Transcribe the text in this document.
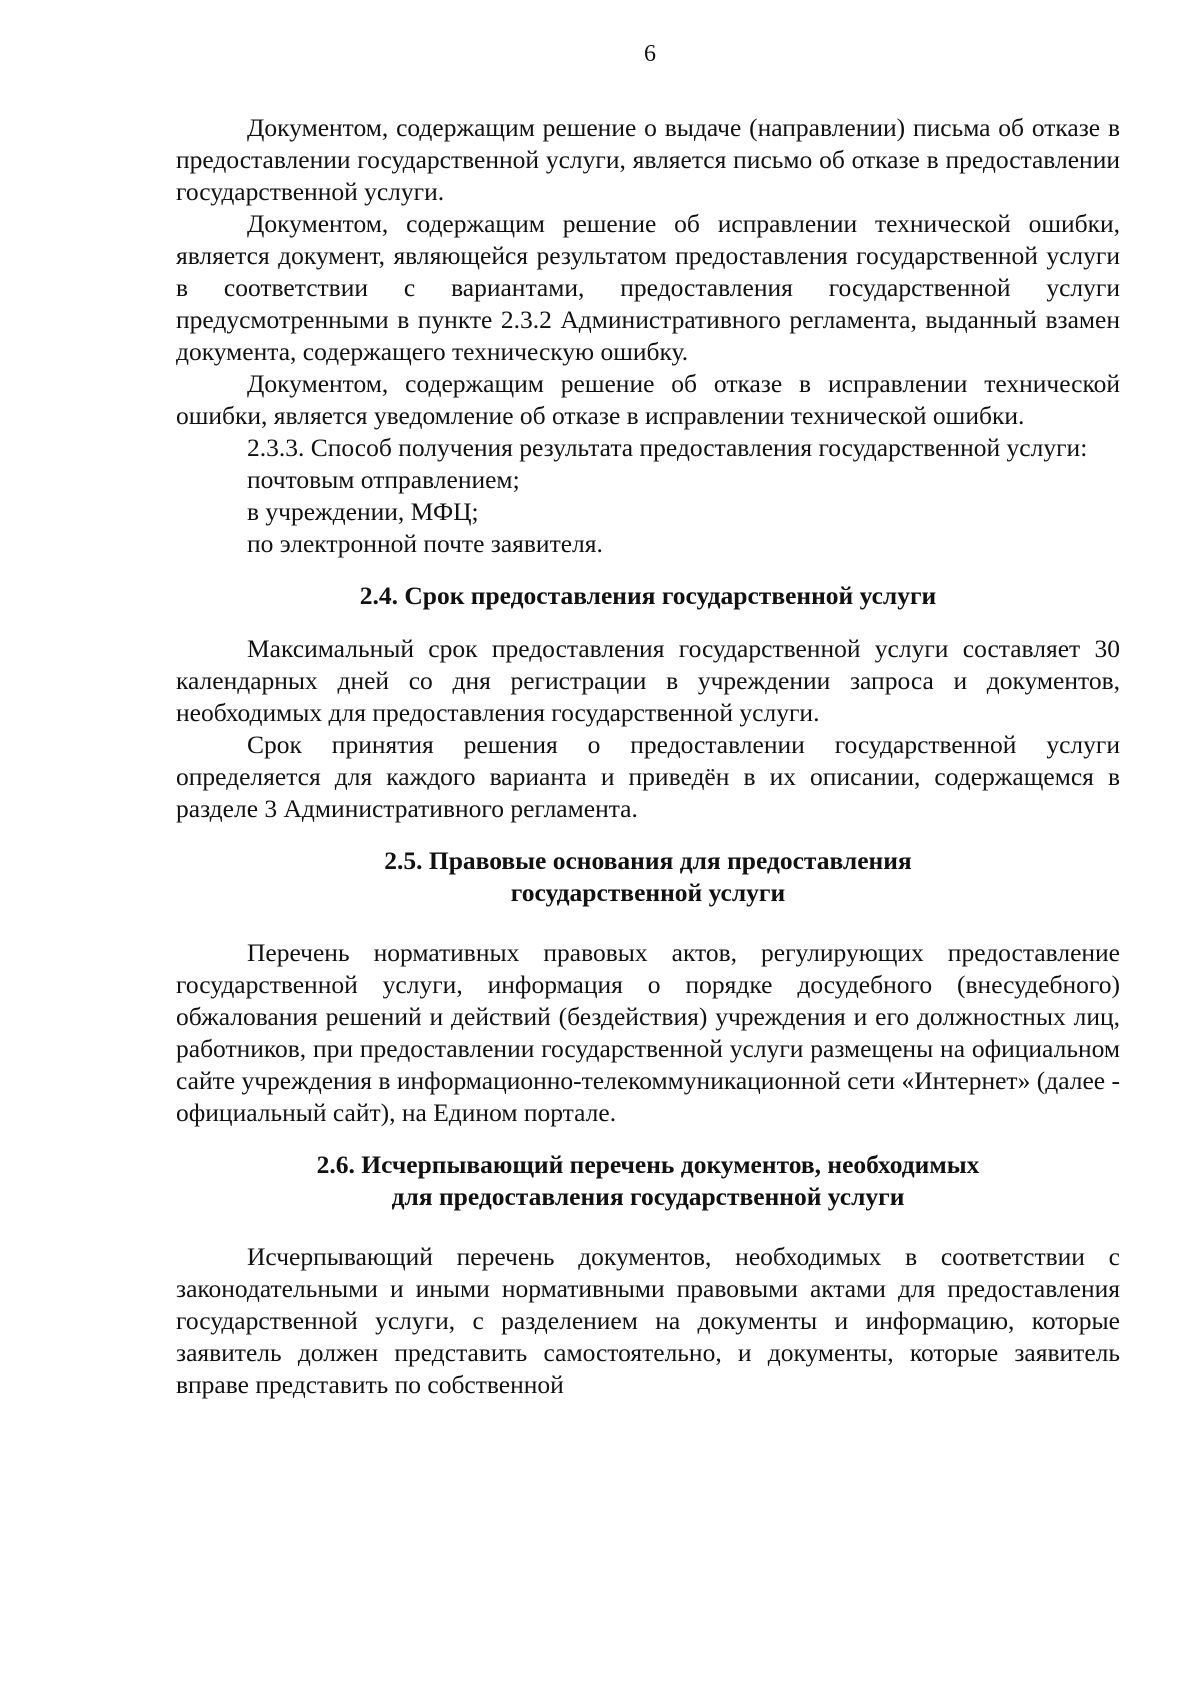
6

Документом, содержащим решение о выдаче (направлении) письма об отказе в предоставлении государственной услуги, является письмо об отказе в предоставлении государственной услуги.

Документом, содержащим решение об исправлении технической ошибки, является документ, являющейся результатом предоставления государственной услуги в соответствии с вариантами, предоставления государственной услуги предусмотренными в пункте 2.3.2 Административного регламента, выданный взамен документа, содержащего техническую ошибку.

Документом, содержащим решение об отказе в исправлении технической ошибки, является уведомление об отказе в исправлении технической ошибки.

2.3.3. Способ получения результата предоставления государственной услуги:

почтовым отправлением;

в учреждении, МФЦ;

по электронной почте заявителя.

2.4. Срок предоставления государственной услуги

Максимальный срок предоставления государственной услуги составляет 30 календарных дней со дня регистрации в учреждении запроса и документов, необходимых для предоставления государственной услуги.

Срок принятия решения о предоставлении государственной услуги определяется для каждого варианта и приведён в их описании, содержащемся в разделе 3 Административного регламента.

2.5. Правовые основания для предоставления
государственной услуги

Перечень нормативных правовых актов, регулирующих предоставление государственной услуги, информация о порядке досудебного (внесудебного) обжалования решений и действий (бездействия) учреждения и его должностных лиц, работников, при предоставлении государственной услуги размещены на официальном сайте учреждения в информационно-телекоммуникационной сети «Интернет» (далее - официальный сайт), на Едином портале.

2.6. Исчерпывающий перечень документов, необходимых
для предоставления государственной услуги

Исчерпывающий перечень документов, необходимых в соответствии с законодательными и иными нормативными правовыми актами для предоставления государственной услуги, с разделением на документы и информацию, которые заявитель должен представить самостоятельно, и документы, которые заявитель вправе представить по собственной
